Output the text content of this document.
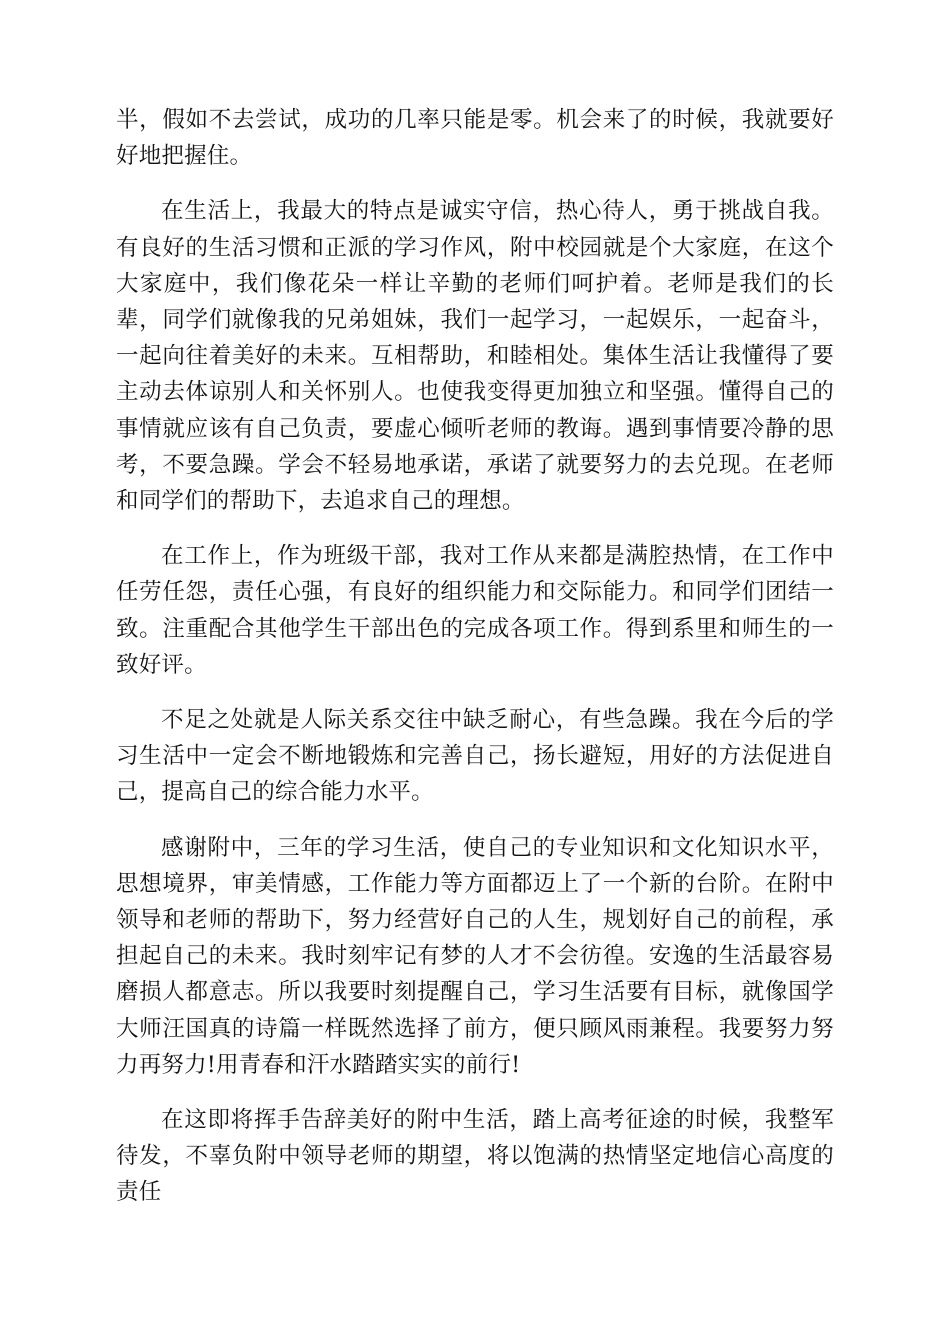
半，假如不去尝试，成功的几率只能是零。机会来了的时候，我就要好好地把握住。

在生活上，我最大的特点是诚实守信，热心待人，勇于挑战自我。有良好的生活习惯和正派的学习作风，附中校园就是个大家庭，在这个大家庭中，我们像花朵一样让辛勤的老师们呵护着。老师是我们的长辈，同学们就像我的兄弟姐妹，我们一起学习，一起娱乐，一起奋斗，一起向往着美好的未来。互相帮助，和睦相处。集体生活让我懂得了要主动去体谅别人和关怀别人。也使我变得更加独立和坚强。懂得自己的事情就应该有自己负责，要虚心倾听老师的教诲。遇到事情要冷静的思考，不要急躁。学会不轻易地承诺，承诺了就要努力的去兑现。在老师和同学们的帮助下，去追求自己的理想。

在工作上，作为班级干部，我对工作从来都是满腔热情，在工作中任劳任怨，责任心强，有良好的组织能力和交际能力。和同学们团结一致。注重配合其他学生干部出色的完成各项工作。得到系里和师生的一致好评。

不足之处就是人际关系交往中缺乏耐心，有些急躁。我在今后的学习生活中一定会不断地锻炼和完善自己，扬长避短，用好的方法促进自己，提高自己的综合能力水平。

感谢附中，三年的学习生活，使自己的专业知识和文化知识水平，思想境界，审美情感，工作能力等方面都迈上了一个新的台阶。在附中领导和老师的帮助下，努力经营好自己的人生，规划好自己的前程，承担起自己的未来。我时刻牢记有梦的人才不会彷徨。安逸的生活最容易磨损人都意志。所以我要时刻提醒自己，学习生活要有目标，就像国学大师汪国真的诗篇一样既然选择了前方，便只顾风雨兼程。我要努力努力再努力!用青春和汗水踏踏实实的前行!

在这即将挥手告辞美好的附中生活，踏上高考征途的时候，我整军待发，不辜负附中领导老师的期望，将以饱满的热情坚定地信心高度的责任
